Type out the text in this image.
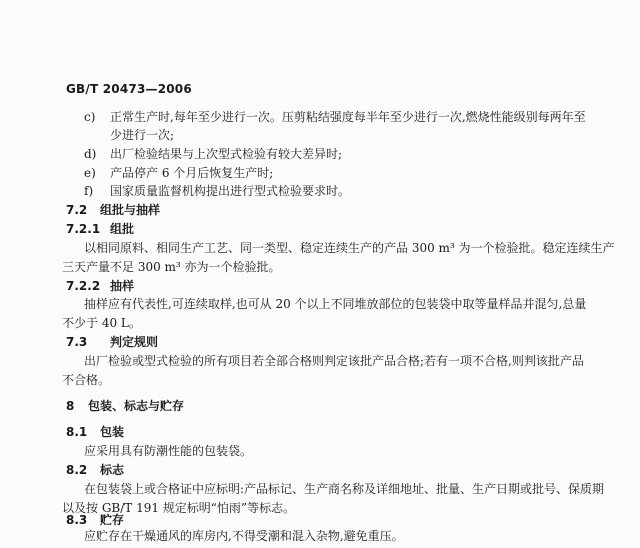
GB/T 20473—2006
c) 正常生产时,每年至少进行一次。压剪粘结强度每半年至少进行一次,燃烧性能级别每两年至
少进行一次;
d) 出厂检验结果与上次型式检验有较大差异时;
e) 产品停产 6 个月后恢复生产时;
f) 国家质量监督机构提出进行型式检验要求时。
7.2 组批与抽样
7.2.1 组批
以相同原料、相同生产工艺、同一类型、稳定连续生产的产品 300 m³ 为一个检验批。稳定连续生产
三天产量不足 300 m³ 亦为一个检验批。
7.2.2 抽样
抽样应有代表性,可连续取样,也可从 20 个以上不同堆放部位的包装袋中取等量样品并混匀,总量
不少于 40 L。
7.3 判定规则
出厂检验或型式检验的所有项目若全部合格则判定该批产品合格;若有一项不合格,则判该批产品
不合格。
8 包装、标志与贮存
8.1 包装
应采用具有防潮性能的包装袋。
8.2 标志
在包装袋上或合格证中应标明:产品标记、生产商名称及详细地址、批量、生产日期或批号、保质期
以及按 GB/T 191 规定标明“怕雨”等标志。
8.3 贮存
应贮存在干燥通风的库房内,不得受潮和混入杂物,避免重压。
